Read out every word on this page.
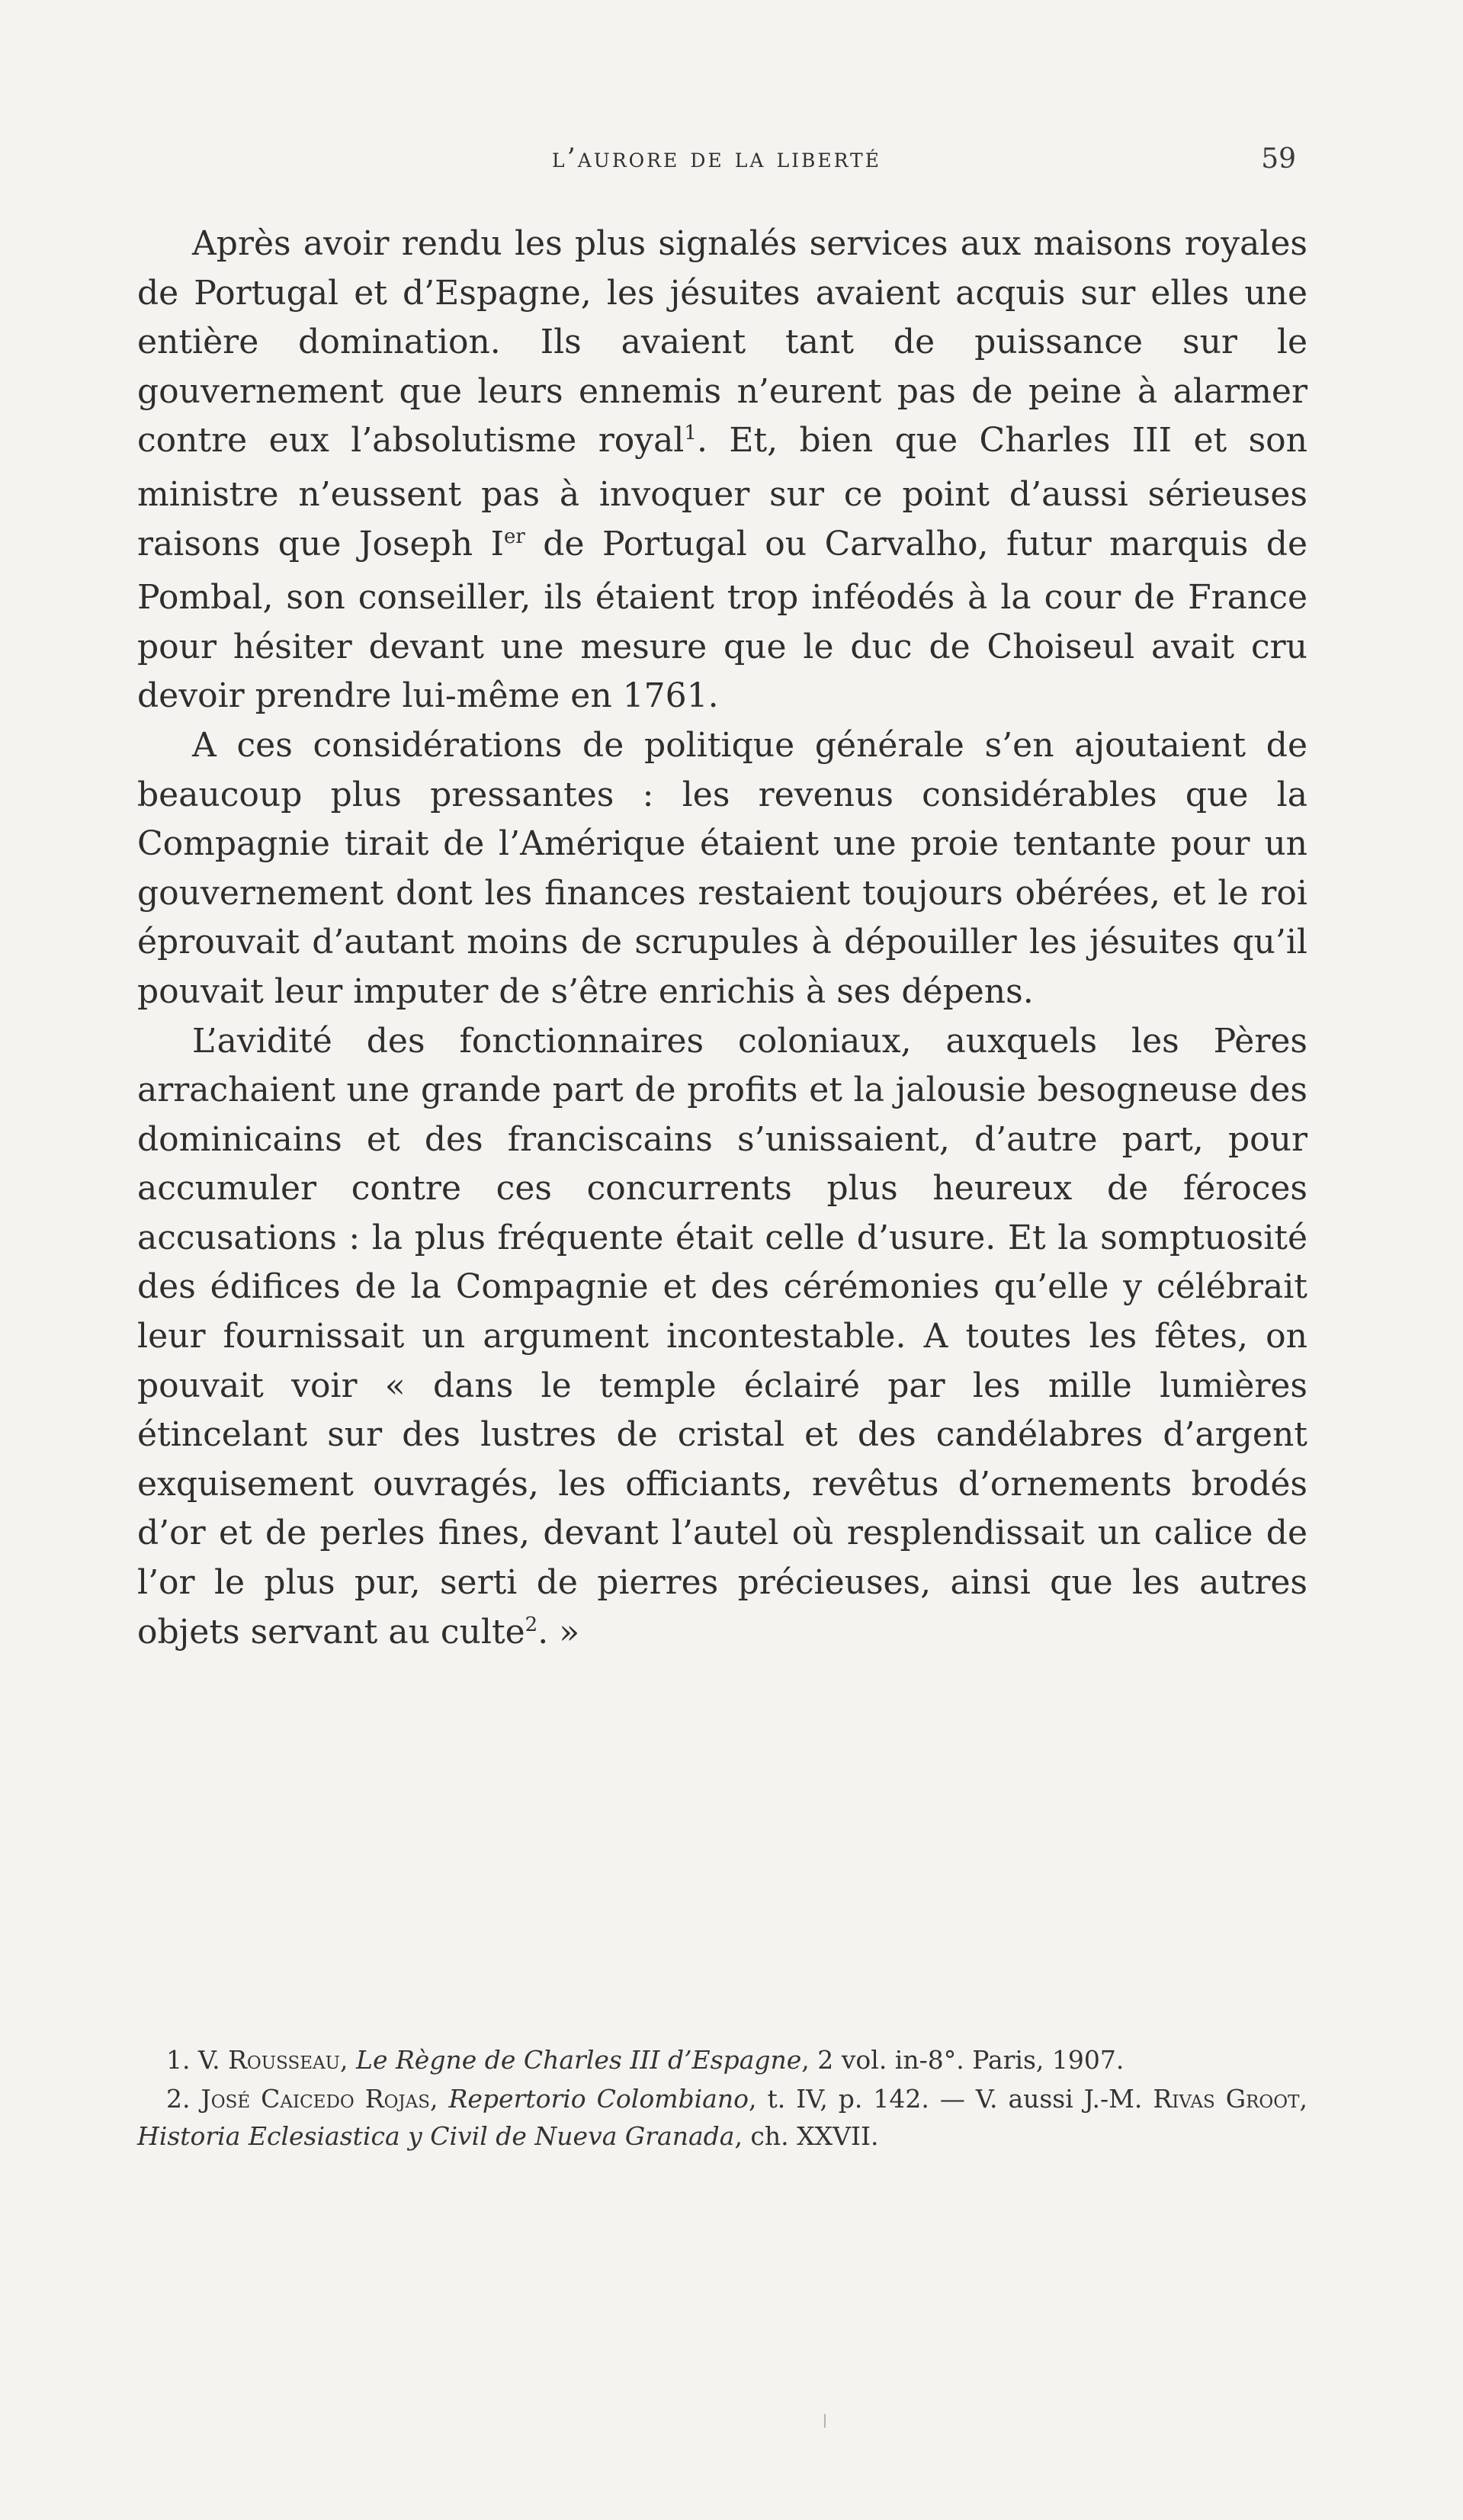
l’aurore de la liberté	59

Après avoir rendu les plus signalés services aux maisons royales de Portugal et d’Espagne, les jésuites avaient acquis sur elles une entière domination. Ils avaient tant de puissance sur le gouvernement que leurs ennemis n’eurent pas de peine à alarmer contre eux l’absolutisme royal$^1$. Et, bien que Charles III et son ministre n’eussent pas à invoquer sur ce point d’aussi sérieuses raisons que Joseph Ier de Portugal ou Carvalho, futur marquis de Pombal, son conseiller, ils étaient trop inféodés à la cour de France pour hésiter devant une mesure que le duc de Choiseul avait cru devoir prendre lui-même en 1761.

A ces considérations de politique générale s’en ajoutaient de beaucoup plus pressantes : les revenus considérables que la Compagnie tirait de l’Amérique étaient une proie tentante pour un gouvernement dont les finances restaient toujours obérées, et le roi éprouvait d’autant moins de scrupules à dépouiller les jésuites qu’il pouvait leur imputer de s’être enrichis à ses dépens.

L’avidité des fonctionnaires coloniaux, auxquels les Pères arrachaient une grande part de profits et la jalousie besogneuse des dominicains et des franciscains s’unissaient, d’autre part, pour accumuler contre ces concurrents plus heureux de féroces accusations : la plus fréquente était celle d’usure. Et la somptuosité des édifices de la Compagnie et des cérémonies qu’elle y célébrait leur fournissait un argument incontestable. A toutes les fêtes, on pouvait voir « dans le temple éclairé par les mille lumières étincelant sur des lustres de cristal et des candélabres d’argent exquisement ouvragés, les officiants, revêtus d’ornements brodés d’or et de perles fines, devant l’autel où resplendissait un calice de l’or le plus pur, serti de pierres précieuses, ainsi que les autres objets servant au culte$^2$. »

1. V. Rousseau, Le Règne de Charles III d’Espagne, 2 vol. in-8°. Paris, 1907.

2. José Caicedo Rojas, Repertorio Colombiano, t. IV, p. 142. — V. aussi J.-M. Rivas Groot, Historia Eclesiastica y Civil de Nueva Granada, ch. XXVII.
